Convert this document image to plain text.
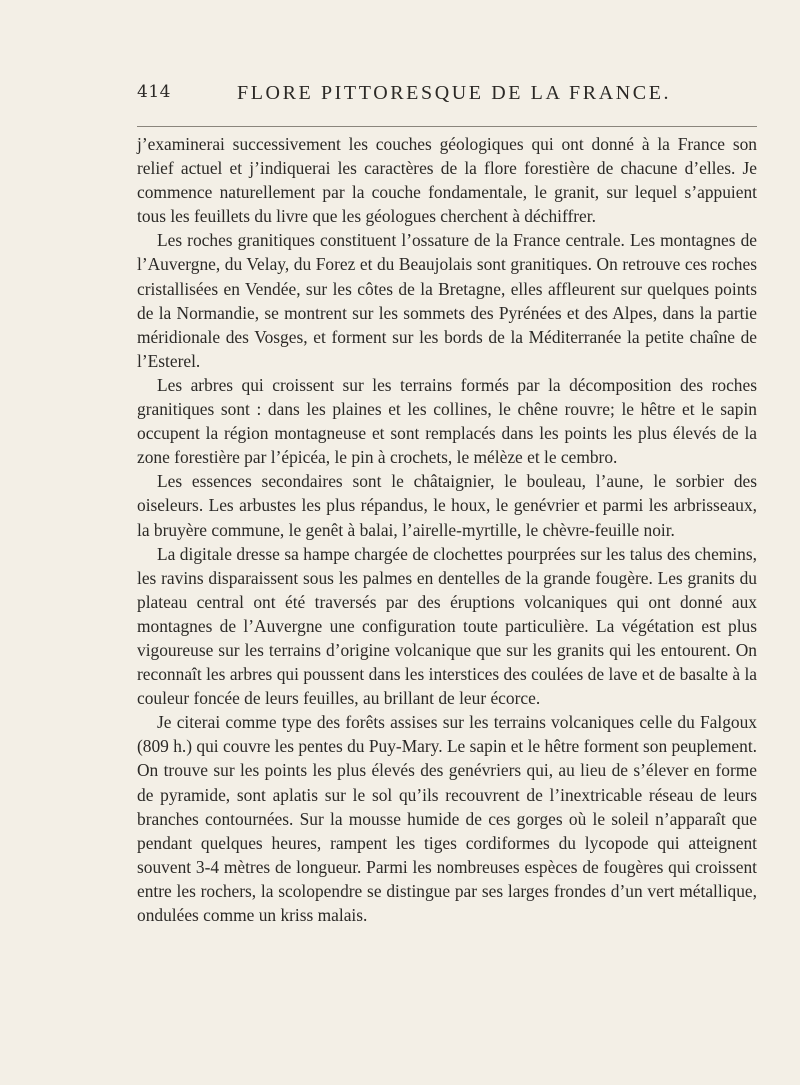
414	FLORE PITTORESQUE DE LA FRANCE.

j’examinerai successivement les couches géologiques qui ont donné à la France son relief actuel et j’indiquerai les caractères de la flore forestière de chacune d’elles. Je commence naturellement par la couche fondamentale, le granit, sur lequel s’appuient tous les feuillets du livre que les géologues cherchent à déchiffrer.

Les roches granitiques constituent l’ossature de la France centrale. Les montagnes de l’Auvergne, du Velay, du Forez et du Beaujolais sont granitiques. On retrouve ces roches cristallisées en Vendée, sur les côtes de la Bretagne, elles affleurent sur quelques points de la Normandie, se montrent sur les sommets des Pyrénées et des Alpes, dans la partie méridionale des Vosges, et forment sur les bords de la Méditerranée la petite chaîne de l’Esterel.

Les arbres qui croissent sur les terrains formés par la décomposition des roches granitiques sont : dans les plaines et les collines, le chêne rouvre; le hêtre et le sapin occupent la région montagneuse et sont remplacés dans les points les plus élevés de la zone forestière par l’épicéa, le pin à crochets, le mélèze et le cembro.

Les essences secondaires sont le châtaignier, le bouleau, l’aune, le sorbier des oiseleurs. Les arbustes les plus répandus, le houx, le genévrier et parmi les arbrisseaux, la bruyère commune, le genêt à balai, l’airelle-myrtille, le chèvre-feuille noir.

La digitale dresse sa hampe chargée de clochettes pourprées sur les talus des chemins, les ravins disparaissent sous les palmes en dentelles de la grande fougère. Les granits du plateau central ont été traversés par des éruptions volcaniques qui ont donné aux montagnes de l’Auvergne une configuration toute particulière. La végétation est plus vigoureuse sur les terrains d’origine volcanique que sur les granits qui les entourent. On reconnaît les arbres qui poussent dans les interstices des coulées de lave et de basalte à la couleur foncée de leurs feuilles, au brillant de leur écorce.

Je citerai comme type des forêts assises sur les terrains volcaniques celle du Falgoux (809 h.) qui couvre les pentes du Puy-Mary. Le sapin et le hêtre forment son peuplement. On trouve sur les points les plus élevés des genévriers qui, au lieu de s’élever en forme de pyramide, sont aplatis sur le sol qu’ils recouvrent de l’inextricable réseau de leurs branches contournées. Sur la mousse humide de ces gorges où le soleil n’apparaît que pendant quelques heures, rampent les tiges cordiformes du lycopode qui atteignent souvent 3-4 mètres de longueur. Parmi les nombreuses espèces de fougères qui croissent entre les rochers, la scolopendre se distingue par ses larges frondes d’un vert métallique, ondulées comme un kriss malais.
